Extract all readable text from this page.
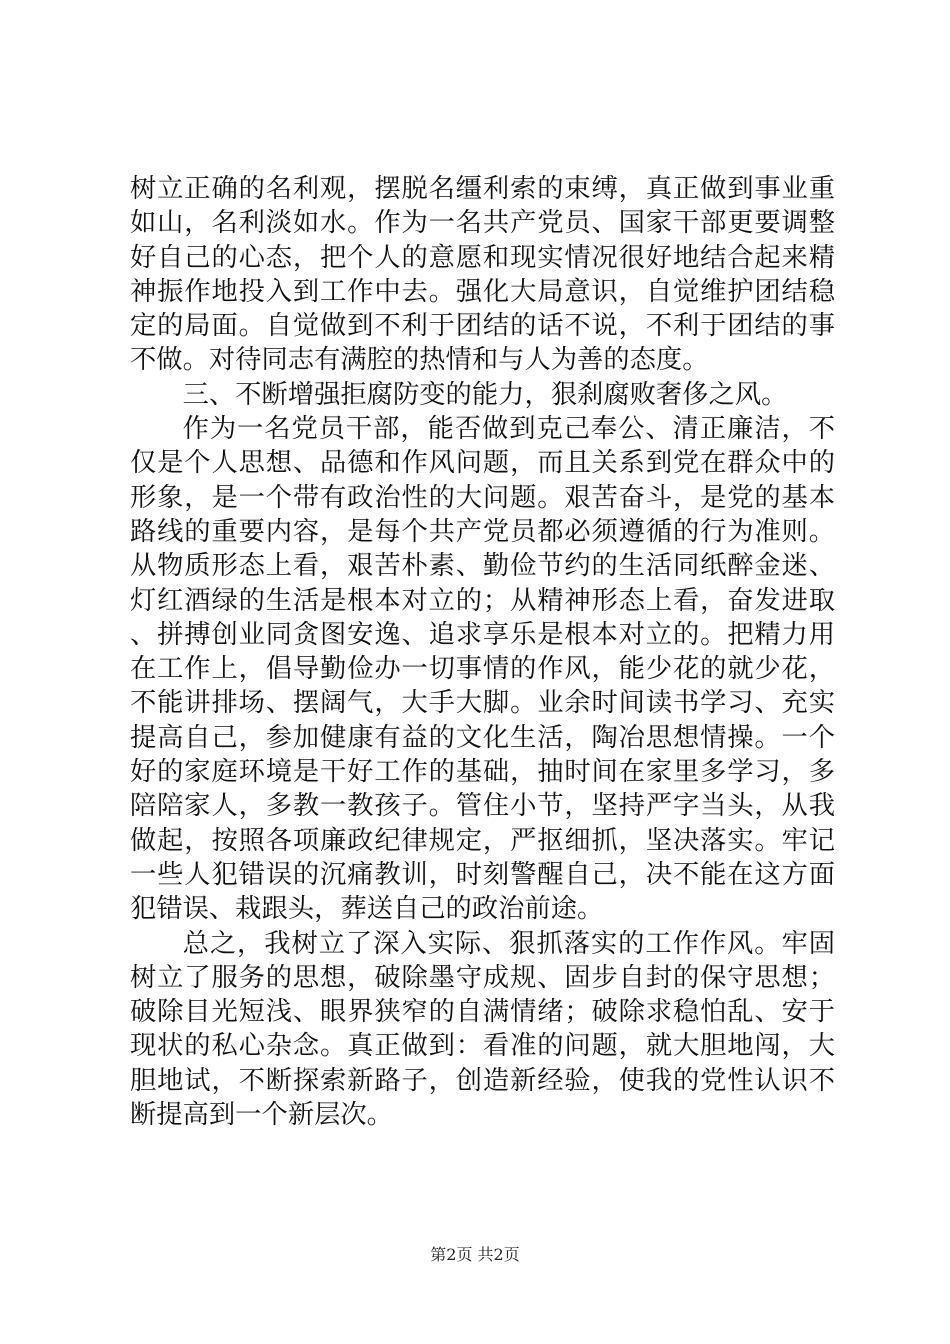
树立正确的名利观，摆脱名缰利索的束缚，真正做到事业重如山，名利淡如水。作为一名共产党员、国家干部更要调整好自己的心态，把个人的意愿和现实情况很好地结合起来精神振作地投入到工作中去。强化大局意识，自觉维护团结稳定的局面。自觉做到不利于团结的话不说，不利于团结的事不做。对待同志有满腔的热情和与人为善的态度。

三、不断增强拒腐防变的能力，狠刹腐败奢侈之风。

作为一名党员干部，能否做到克己奉公、清正廉洁，不仅是个人思想、品德和作风问题，而且关系到党在群众中的形象，是一个带有政治性的大问题。艰苦奋斗，是党的基本路线的重要内容，是每个共产党员都必须遵循的行为准则。从物质形态上看，艰苦朴素、勤俭节约的生活同纸醉金迷、灯红酒绿的生活是根本对立的；从精神形态上看，奋发进取、拼搏创业同贪图安逸、追求享乐是根本对立的。把精力用在工作上，倡导勤俭办一切事情的作风，能少花的就少花，不能讲排场、摆阔气，大手大脚。业余时间读书学习、充实提高自己，参加健康有益的文化生活，陶冶思想情操。一个好的家庭环境是干好工作的基础，抽时间在家里多学习，多陪陪家人，多教一教孩子。管住小节，坚持严字当头，从我做起，按照各项廉政纪律规定，严抠细抓，坚决落实。牢记一些人犯错误的沉痛教训，时刻警醒自己，决不能在这方面犯错误、栽跟头，葬送自己的政治前途。

总之，我树立了深入实际、狠抓落实的工作作风。牢固树立了服务的思想，破除墨守成规、固步自封的保守思想；破除目光短浅、眼界狭窄的自满情绪；破除求稳怕乱、安于现状的私心杂念。真正做到：看准的问题，就大胆地闯，大胆地试，不断探索新路子，创造新经验，使我的党性认识不断提高到一个新层次。

第2页 共2页
